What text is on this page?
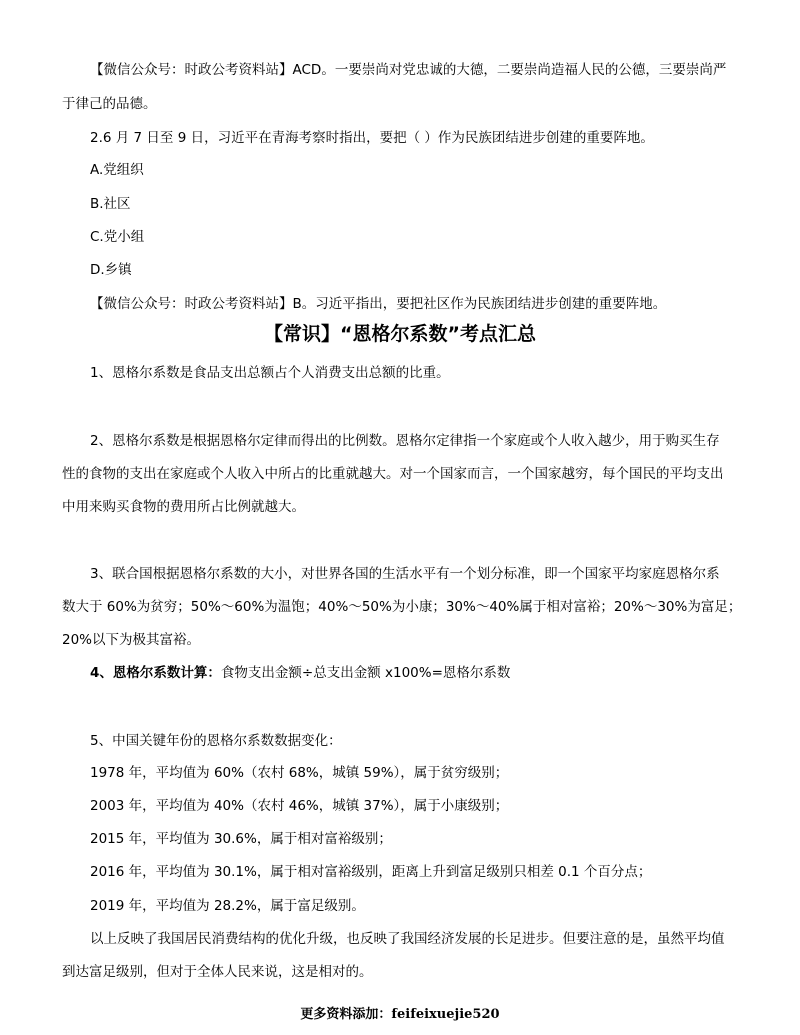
【微信公众号：时政公考资料站】ACD。一要崇尚对党忠诚的大德，二要崇尚造福人民的公德，三要崇尚严
于律己的品德。
2.6 月 7 日至 9 日，习近平在青海考察时指出，要把（ ）作为民族团结进步创建的重要阵地。
A.党组织
B.社区
C.党小组
D.乡镇
【微信公众号：时政公考资料站】B。习近平指出，要把社区作为民族团结进步创建的重要阵地。
【常识】“恩格尔系数”考点汇总
1、恩格尔系数是食品支出总额占个人消费支出总额的比重。
2、恩格尔系数是根据恩格尔定律而得出的比例数。恩格尔定律指一个家庭或个人收入越少，用于购买生存
性的食物的支出在家庭或个人收入中所占的比重就越大。对一个国家而言，一个国家越穷，每个国民的平均支出
中用来购买食物的费用所占比例就越大。
3、联合国根据恩格尔系数的大小，对世界各国的生活水平有一个划分标准，即一个国家平均家庭恩格尔系
数大于 60%为贫穷；50%～60%为温饱；40%～50%为小康；30%～40%属于相对富裕；20%～30%为富足；
20%以下为极其富裕。
4、恩格尔系数计算：食物支出金额÷总支出金额 x100%=恩格尔系数
5、中国关键年份的恩格尔系数数据变化：
1978 年，平均值为 60%（农村 68%，城镇 59%），属于贫穷级别；
2003 年，平均值为 40%（农村 46%，城镇 37%），属于小康级别；
2015 年，平均值为 30.6%，属于相对富裕级别；
2016 年，平均值为 30.1%，属于相对富裕级别，距离上升到富足级别只相差 0.1 个百分点；
2019 年，平均值为 28.2%，属于富足级别。
以上反映了我国居民消费结构的优化升级，也反映了我国经济发展的长足进步。但要注意的是，虽然平均值
到达富足级别，但对于全体人民来说，这是相对的。
更多资料添加：feifeixuejie520
